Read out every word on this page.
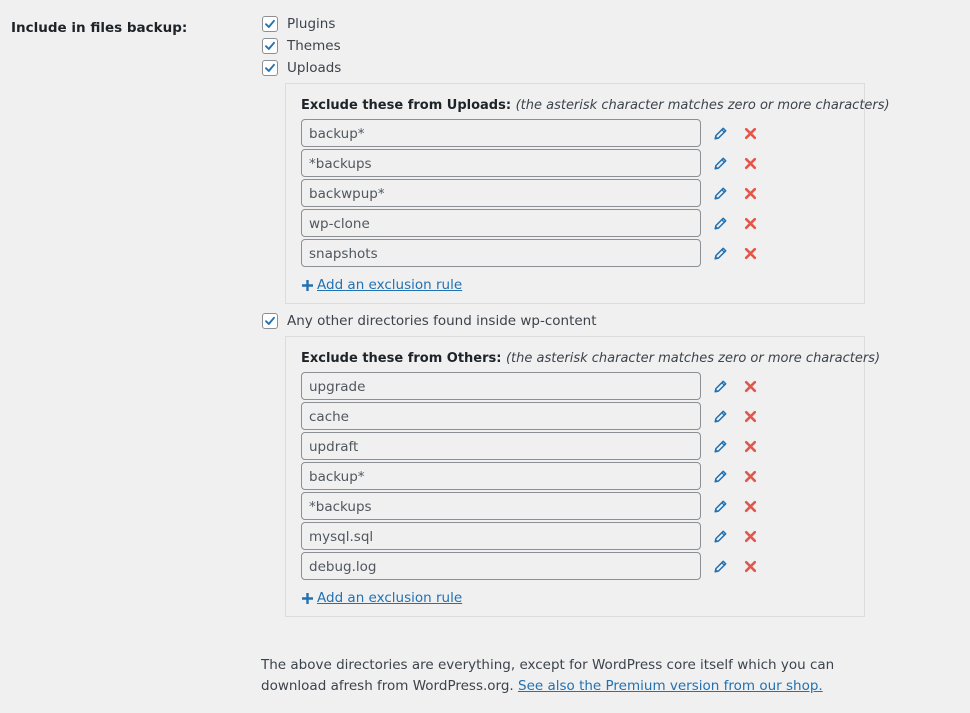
Include in files backup:	Plugins
Themes
Uploads
Exclude these from Uploads: (the asterisk character matches zero or more characters)
backup*
*backups
backwpup*
wp-clone
snapshots
Add an exclusion rule
Any other directories found inside wp-content
Exclude these from Others: (the asterisk character matches zero or more characters)
upgrade
cache
updraft
backup*
*backups
mysql.sql
debug.log
Add an exclusion rule
The above directories are everything, except for WordPress core itself which you can download afresh from WordPress.org. See also the Premium version from our shop.
